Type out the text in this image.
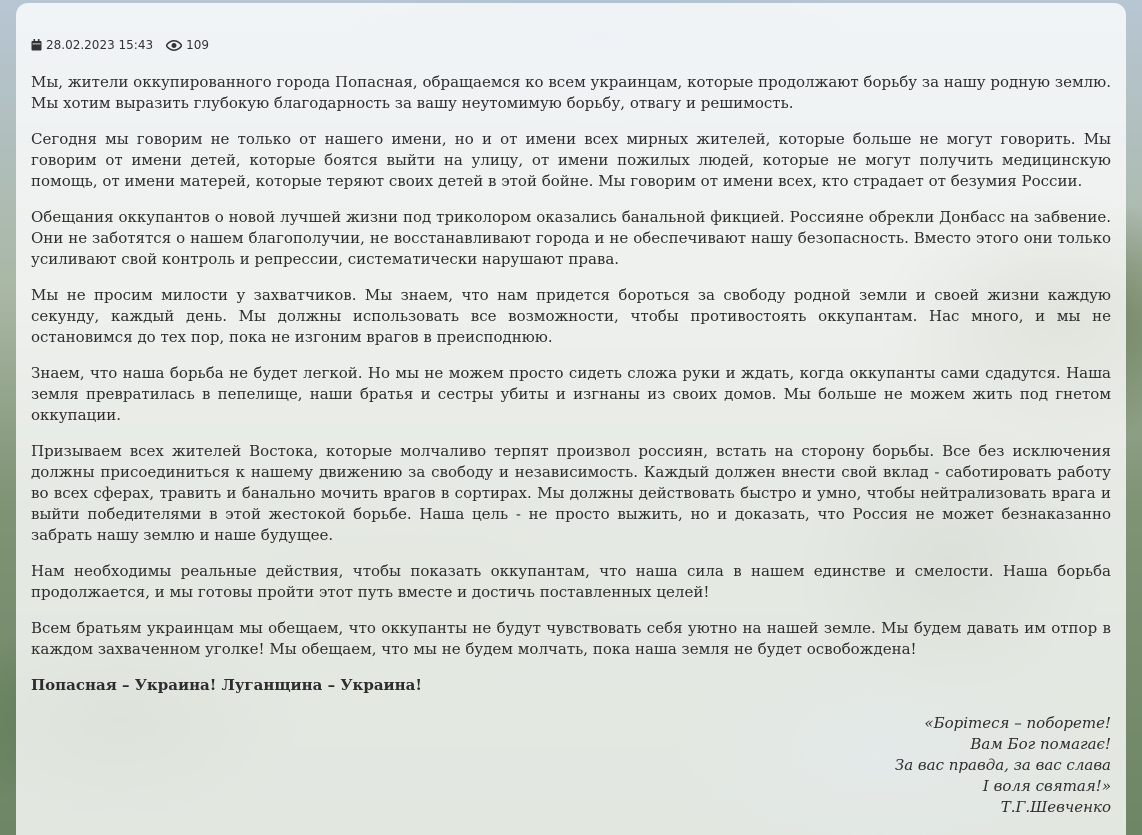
28.02.2023 15:43	109

Мы, жители оккупированного города Попасная, обращаемся ко всем украинцам, которые продолжают борьбу за нашу родную землю. Мы хотим выразить глубокую благодарность за вашу неутомимую борьбу, отвагу и решимость.

Сегодня мы говорим не только от нашего имени, но и от имени всех мирных жителей, которые больше не могут говорить. Мы говорим от имени детей, которые боятся выйти на улицу, от имени пожилых людей, которые не могут получить медицинскую помощь, от имени матерей, которые теряют своих детей в этой бойне. Мы говорим от имени всех, кто страдает от безумия России.

Обещания оккупантов о новой лучшей жизни под триколором оказались банальной фикцией. Россияне обрекли Донбасс на забвение. Они не заботятся о нашем благополучии, не восстанавливают города и не обеспечивают нашу безопасность. Вместо этого они только усиливают свой контроль и репрессии, систематически нарушают права.

Мы не просим милости у захватчиков. Мы знаем, что нам придется бороться за свободу родной земли и своей жизни каждую секунду, каждый день. Мы должны использовать все возможности, чтобы противостоять оккупантам. Нас много, и мы не остановимся до тех пор, пока не изгоним врагов в преисподнюю.

Знаем, что наша борьба не будет легкой. Но мы не можем просто сидеть сложа руки и ждать, когда оккупанты сами сдадутся. Наша земля превратилась в пепелище, наши братья и сестры убиты и изгнаны из своих домов. Мы больше не можем жить под гнетом оккупации.

Призываем всех жителей Востока, которые молчаливо терпят произвол россиян, встать на сторону борьбы. Все без исключения должны присоединиться к нашему движению за свободу и независимость. Каждый должен внести свой вклад - саботировать работу во всех сферах, травить и банально мочить врагов в сортирах. Мы должны действовать быстро и умно, чтобы нейтрализовать врага и выйти победителями в этой жестокой борьбе. Наша цель - не просто выжить, но и доказать, что Россия не может безнаказанно забрать нашу землю и наше будущее.

Нам необходимы реальные действия, чтобы показать оккупантам, что наша сила в нашем единстве и смелости. Наша борьба продолжается, и мы готовы пройти этот путь вместе и достичь поставленных целей!

Всем братьям украинцам мы обещаем, что оккупанты не будут чувствовать себя уютно на нашей земле. Мы будем давать им отпор в каждом захваченном уголке! Мы обещаем, что мы не будем молчать, пока наша земля не будет освобождена!

Попасная – Украина! Луганщина – Украина!

«Борітеся – поборете!
Вам Бог помагає!
За вас правда, за вас слава
І воля святая!»
Т.Г.Шевченко
